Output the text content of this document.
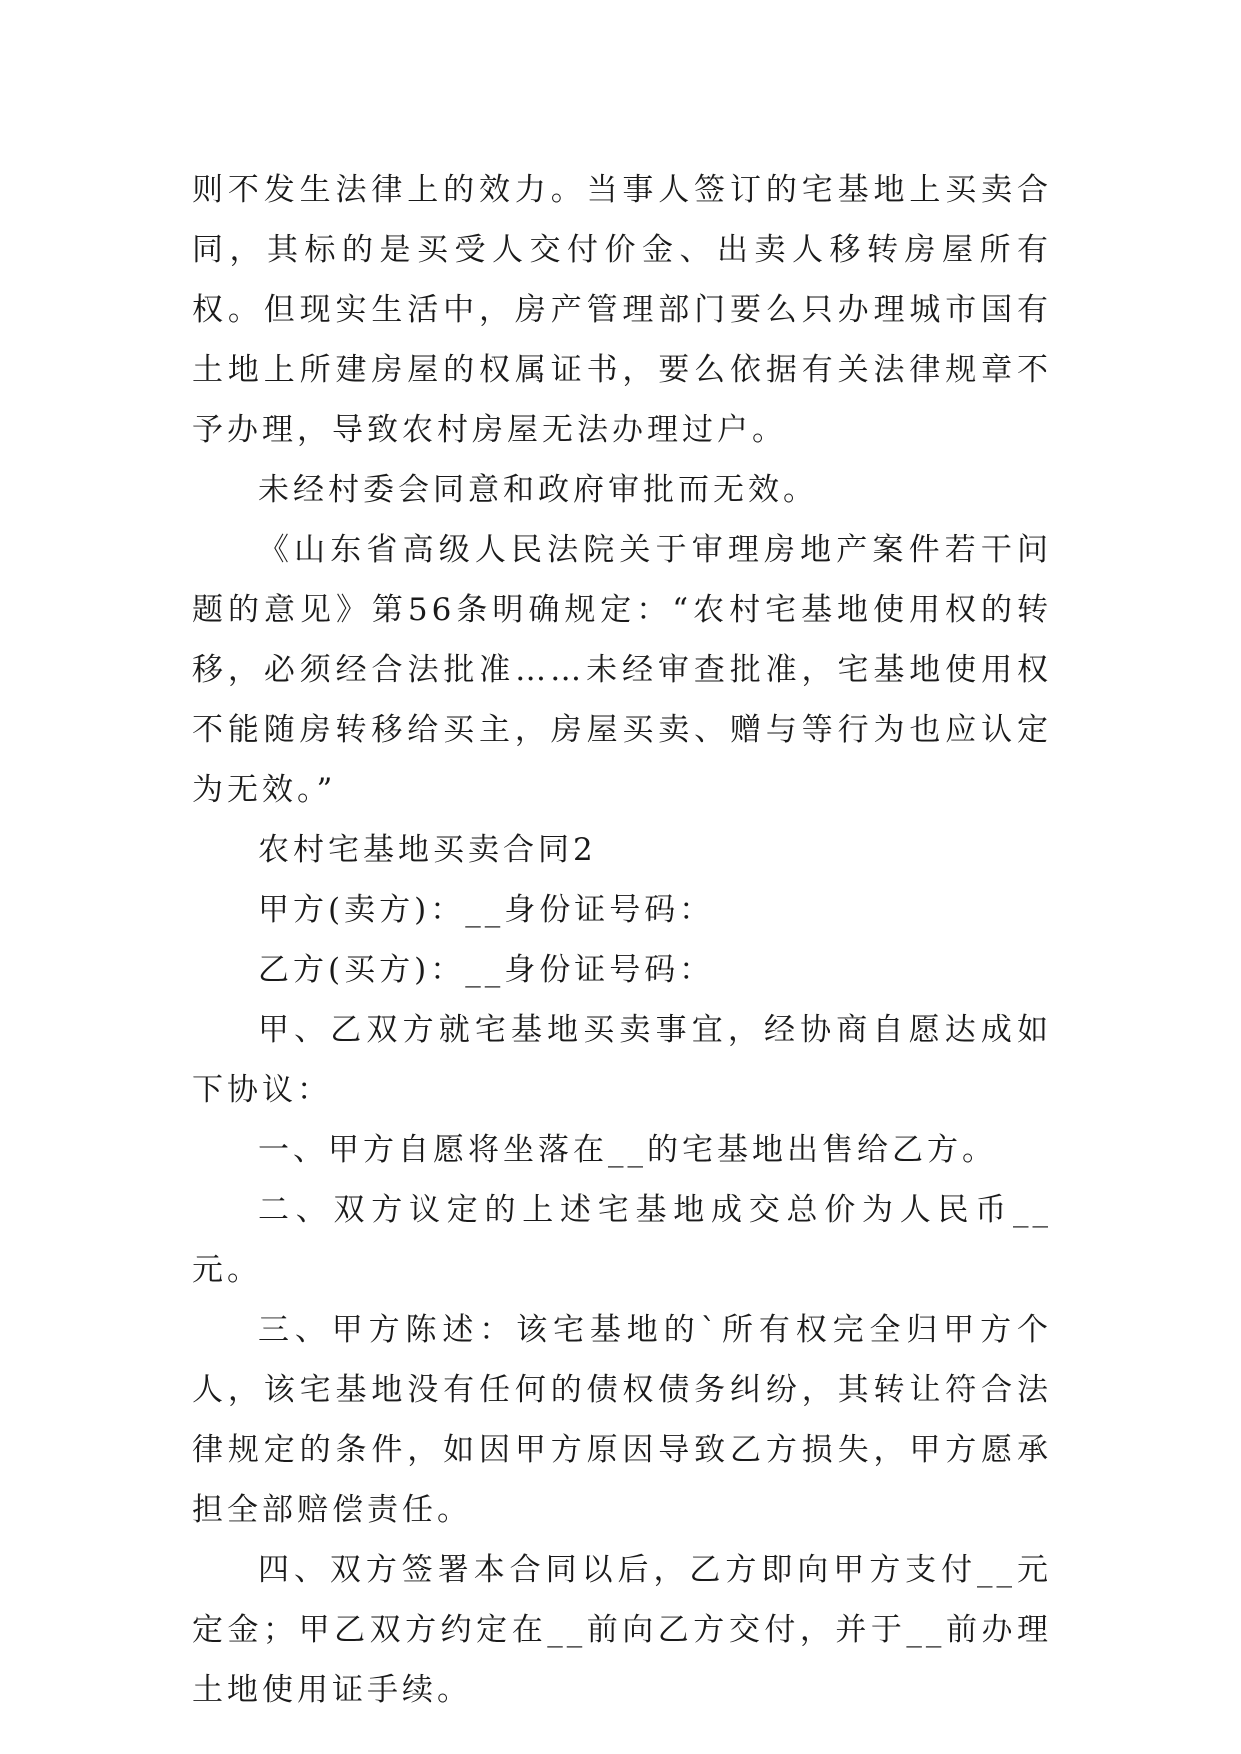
则不发生法律上的效力。当事人签订的宅基地上买卖合同，其标的是买受人交付价金、出卖人移转房屋所有权。但现实生活中，房产管理部门要么只办理城市国有土地上所建房屋的权属证书，要么依据有关法律规章不予办理，导致农村房屋无法办理过户。

未经村委会同意和政府审批而无效。

《山东省高级人民法院关于审理房地产案件若干问题的意见》第56条明确规定：“农村宅基地使用权的转移，必须经合法批准……未经审查批准，宅基地使用权不能随房转移给买主，房屋买卖、赠与等行为也应认定为无效。”

农村宅基地买卖合同2

甲方(卖方)：__身份证号码：

乙方(买方)：__身份证号码：

甲、乙双方就宅基地买卖事宜，经协商自愿达成如下协议：

一、甲方自愿将坐落在__的宅基地出售给乙方。

二、双方议定的上述宅基地成交总价为人民币__元。

三、甲方陈述：该宅基地的`所有权完全归甲方个人，该宅基地没有任何的债权债务纠纷，其转让符合法律规定的条件，如因甲方原因导致乙方损失，甲方愿承担全部赔偿责任。

四、双方签署本合同以后，乙方即向甲方支付__元定金；甲乙双方约定在__前向乙方交付，并于__前办理土地使用证手续。
